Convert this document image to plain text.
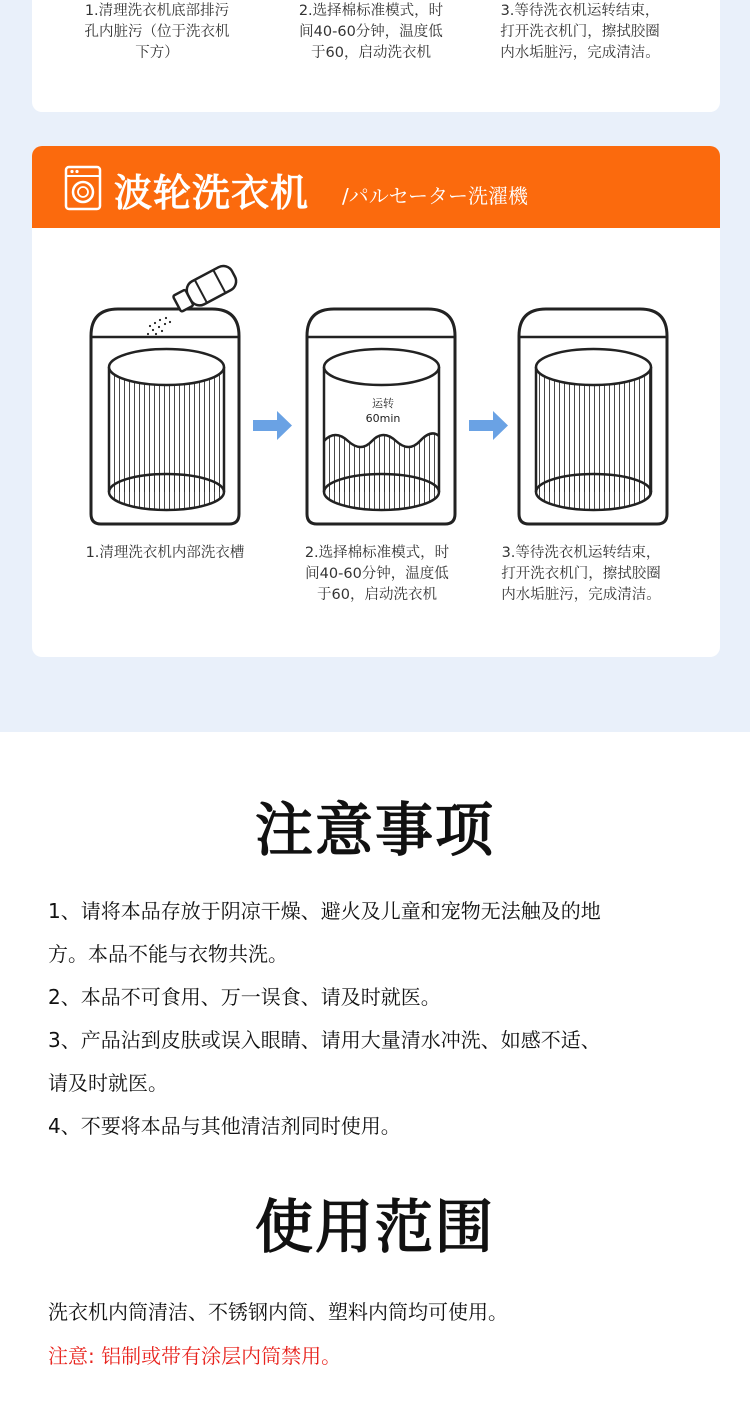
1.清理洗衣机底部排污
孔内脏污（位于洗衣机
下方）
2.选择棉标准模式，时
间40-60分钟，温度低
于60，启动洗衣机
3.等待洗衣机运转结束，
打开洗衣机门，擦拭胶圈
内水垢脏污，完成清洁。
波轮洗衣机 /パルセーター洗濯機
运转
60min
1.清理洗衣机内部洗衣槽	2.选择棉标准模式，时
间40-60分钟，温度低
于60，启动洗衣机
3.等待洗衣机运转结束，
打开洗衣机门，擦拭胶圈
内水垢脏污，完成清洁。
注意事项
1、请将本品存放于阴凉干燥、避火及儿童和宠物无法触及的地
方。本品不能与衣物共洗。
2、本品不可食用、万一误食、请及时就医。
3、产品沾到皮肤或误入眼睛、请用大量清水冲洗、如感不适、
请及时就医。
4、不要将本品与其他清洁剂同时使用。
使用范围
洗衣机内筒清洁、不锈钢内筒、塑料内筒均可使用。
注意: 铝制或带有涂层内筒禁用。
